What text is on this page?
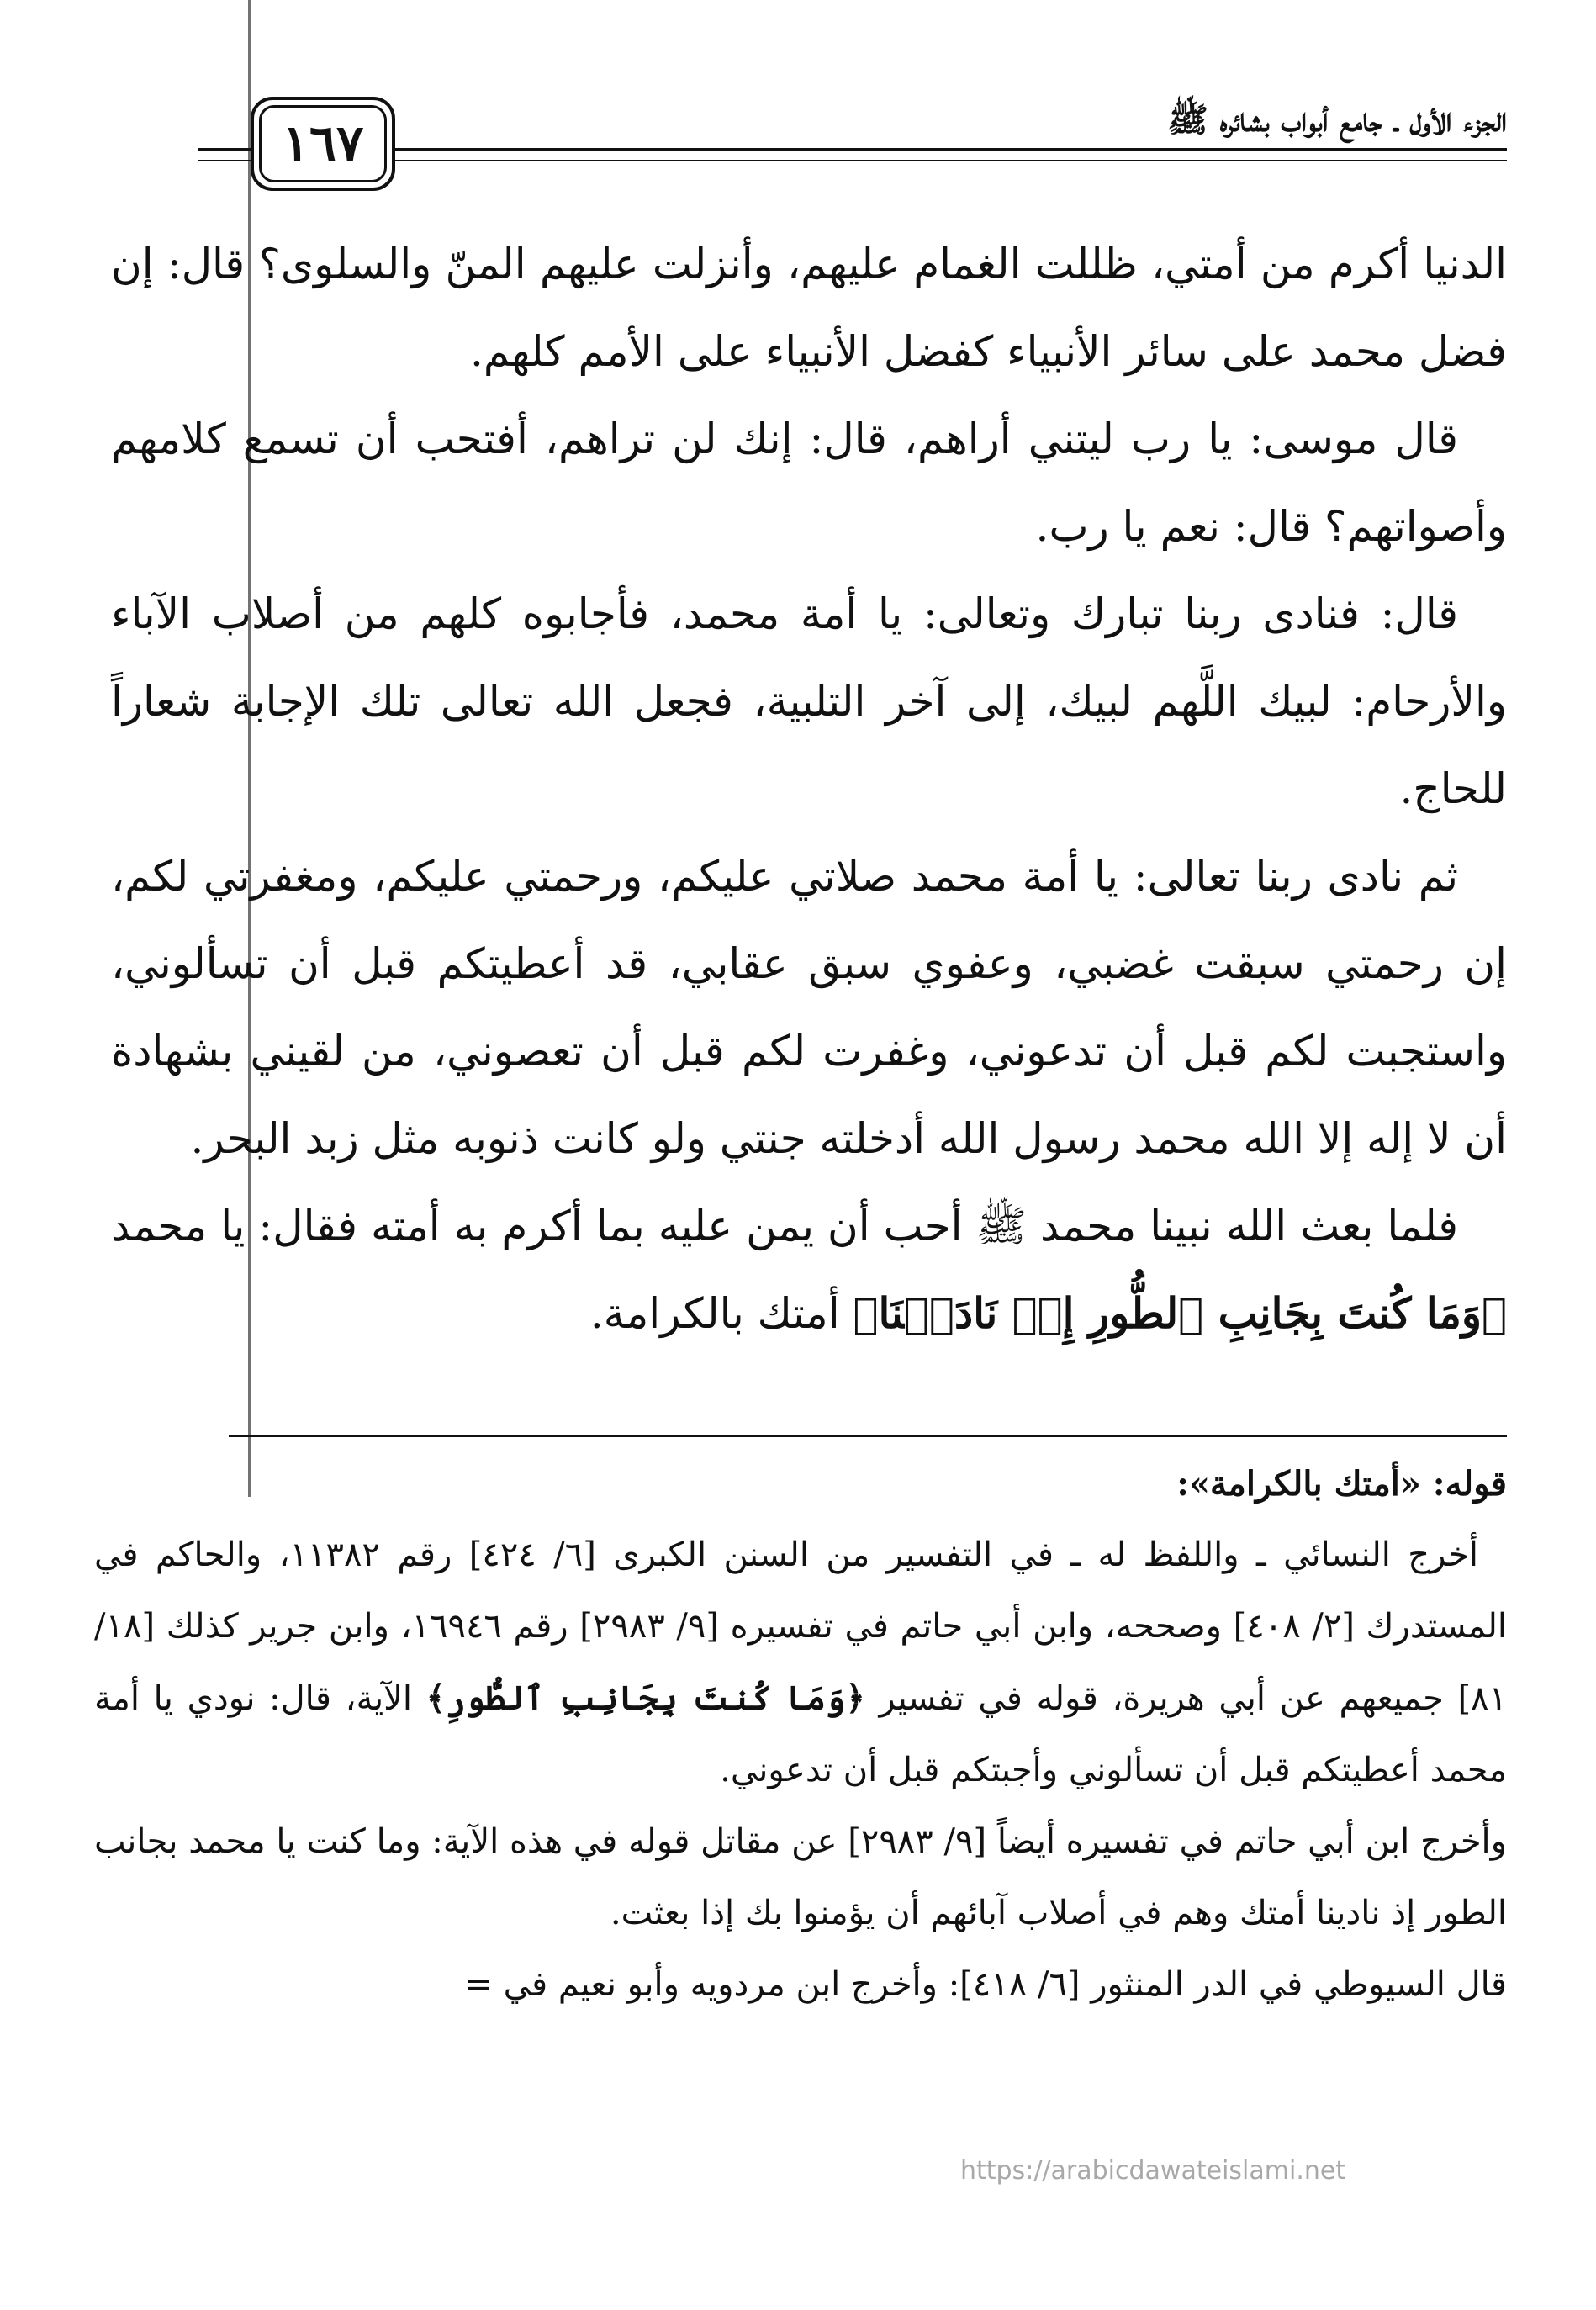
الجزء الأول ـ جامع أبواب بشائره ﷺ
١٦٧

الدنيا أكرم من أمتي، ظللت الغمام عليهم، وأنزلت عليهم المنّ والسلوى؟ قال: إن فضل محمد على سائر الأنبياء كفضل الأنبياء على الأمم كلهم.

قال موسى: يا رب ليتني أراهم، قال: إنك لن تراهم، أفتحب أن تسمع كلامهم وأصواتهم؟ قال: نعم يا رب.

قال: فنادى ربنا تبارك وتعالى: يا أمة محمد، فأجابوه كلهم من أصلاب الآباء والأرحام: لبيك اللَّهم لبيك، إلى آخر التلبية، فجعل الله تعالى تلك الإجابة شعاراً للحاج.

ثم نادى ربنا تعالى: يا أمة محمد صلاتي عليكم، ورحمتي عليكم، ومغفرتي لكم، إن رحمتي سبقت غضبي، وعفوي سبق عقابي، قد أعطيتكم قبل أن تسألوني، واستجبت لكم قبل أن تدعوني، وغفرت لكم قبل أن تعصوني، من لقيني بشهادة أن لا إله إلا الله محمد رسول الله أدخلته جنتي ولو كانت ذنوبه مثل زبد البحر.

فلما بعث الله نبينا محمد ﷺ أحب أن يمن عليه بما أكرم به أمته فقال: يا محمد ﴿وَمَا كُنتَ بِجَانِبِ ٱلطُّورِ إِذۡ نَادَيۡنَا﴾ أمتك بالكرامة.

قوله: «أمتك بالكرامة»:

أخرج النسائي ـ واللفظ له ـ في التفسير من السنن الكبرى [٦/ ٤٢٤] رقم ١١٣٨٢، والحاكم في المستدرك [٢/ ٤٠٨] وصححه، وابن أبي حاتم في تفسيره [٩/ ٢٩٨٣] رقم ١٦٩٤٦، وابن جرير كذلك [١٨/ ٨١] جميعهم عن أبي هريرة، قوله في تفسير ﴿وَمَا كُنتَ بِجَانِبِ ٱلطُّورِ﴾ الآية، قال: نودي يا أمة محمد أعطيتكم قبل أن تسألوني وأجبتكم قبل أن تدعوني.

وأخرج ابن أبي حاتم في تفسيره أيضاً [٩/ ٢٩٨٣] عن مقاتل قوله في هذه الآية: وما كنت يا محمد بجانب الطور إذ نادينا أمتك وهم في أصلاب آبائهم أن يؤمنوا بك إذا بعثت.

قال السيوطي في الدر المنثور [٦/ ٤١٨]: وأخرج ابن مردويه وأبو نعيم في =

https://arabicdawateislami.net
